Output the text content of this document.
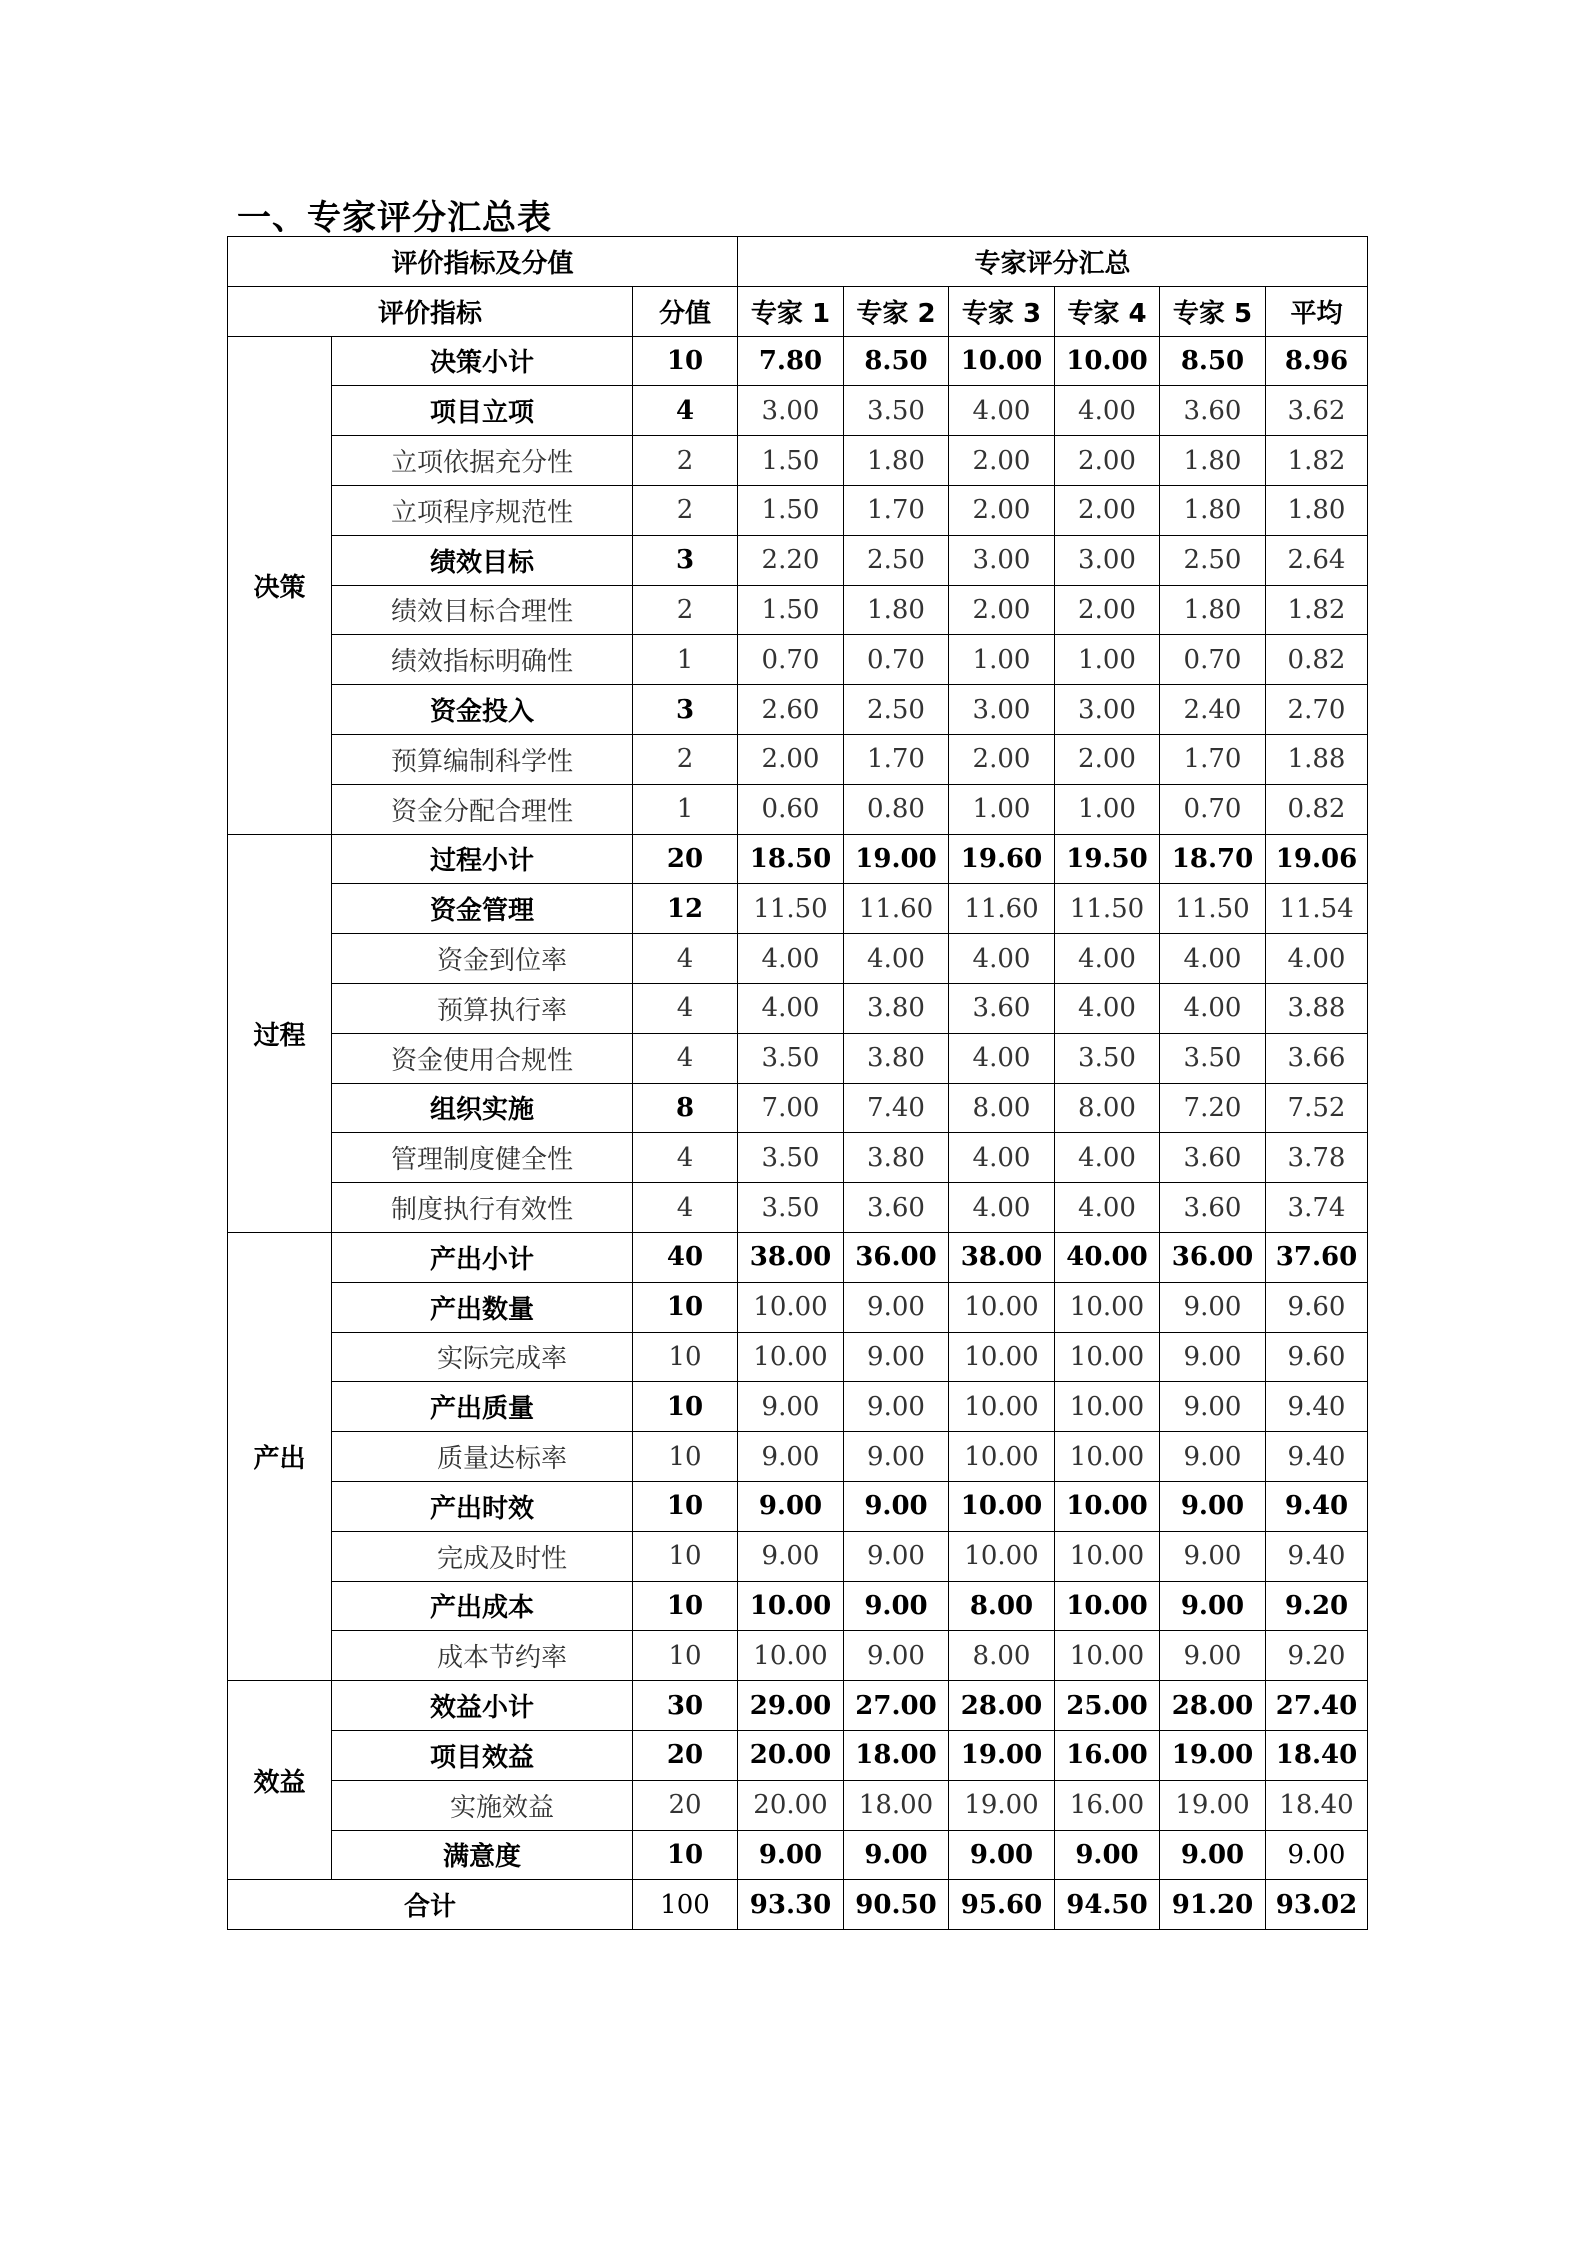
一、专家评分汇总表
评价指标及分值			专家评分汇总					
评价指标		分值	专家 1	专家 2	专家 3	专家 4	专家 5	平均
决策	决策小计	10	7.80	8.50	10.00	10.00	8.50	8.96
	项目立项	4	3.00	3.50	4.00	4.00	3.60	3.62
	立项依据充分性	2	1.50	1.80	2.00	2.00	1.80	1.82
	立项程序规范性	2	1.50	1.70	2.00	2.00	1.80	1.80
	绩效目标	3	2.20	2.50	3.00	3.00	2.50	2.64
	绩效目标合理性	2	1.50	1.80	2.00	2.00	1.80	1.82
	绩效指标明确性	1	0.70	0.70	1.00	1.00	0.70	0.82
	资金投入	3	2.60	2.50	3.00	3.00	2.40	2.70
	预算编制科学性	2	2.00	1.70	2.00	2.00	1.70	1.88
	资金分配合理性	1	0.60	0.80	1.00	1.00	0.70	0.82
过程	过程小计	20	18.50	19.00	19.60	19.50	18.70	19.06
	资金管理	12	11.50	11.60	11.60	11.50	11.50	11.54
	资金到位率	4	4.00	4.00	4.00	4.00	4.00	4.00
	预算执行率	4	4.00	3.80	3.60	4.00	4.00	3.88
	资金使用合规性	4	3.50	3.80	4.00	3.50	3.50	3.66
	组织实施	8	7.00	7.40	8.00	8.00	7.20	7.52
	管理制度健全性	4	3.50	3.80	4.00	4.00	3.60	3.78
	制度执行有效性	4	3.50	3.60	4.00	4.00	3.60	3.74
产出	产出小计	40	38.00	36.00	38.00	40.00	36.00	37.60
	产出数量	10	10.00	9.00	10.00	10.00	9.00	9.60
	实际完成率	10	10.00	9.00	10.00	10.00	9.00	9.60
	产出质量	10	9.00	9.00	10.00	10.00	9.00	9.40
	质量达标率	10	9.00	9.00	10.00	10.00	9.00	9.40
	产出时效	10	9.00	9.00	10.00	10.00	9.00	9.40
	完成及时性	10	9.00	9.00	10.00	10.00	9.00	9.40
	产出成本	10	10.00	9.00	8.00	10.00	9.00	9.20
	成本节约率	10	10.00	9.00	8.00	10.00	9.00	9.20
效益	效益小计	30	29.00	27.00	28.00	25.00	28.00	27.40
	项目效益	20	20.00	18.00	19.00	16.00	19.00	18.40
	实施效益	20	20.00	18.00	19.00	16.00	19.00	18.40
	满意度	10	9.00	9.00	9.00	9.00	9.00	9.00
合计		100	93.30	90.50	95.60	94.50	91.20	93.02
